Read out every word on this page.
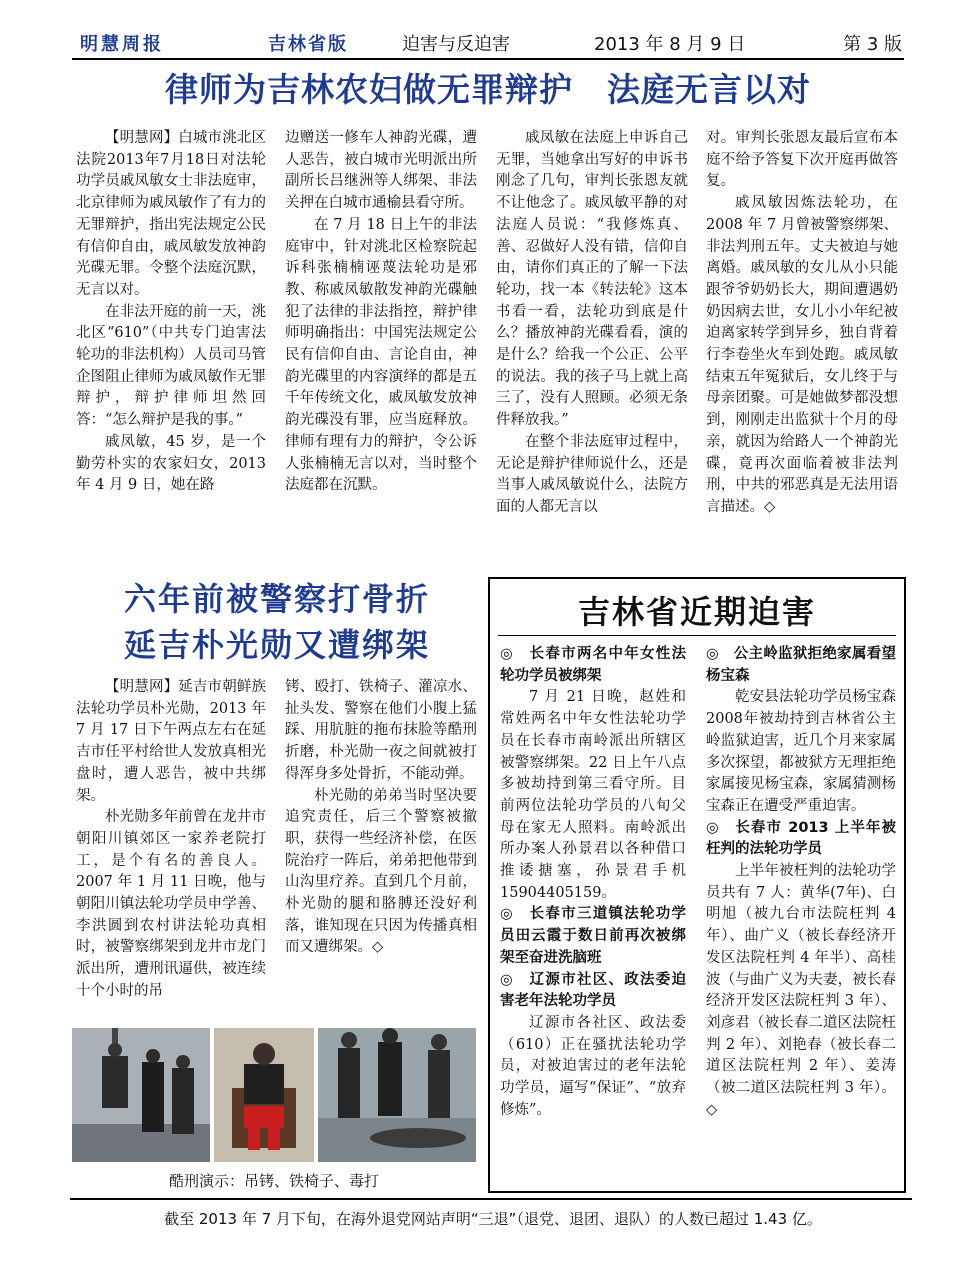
明慧周报	吉林省版	迫害与反迫害	2013 年 8 月 9 日	第 3 版
律师为吉林农妇做无罪辩护　法庭无言以对

【明慧网】白城市洮北区法院2013年7月18日对法轮功学员戚凤敏女士非法庭审，北京律师为戚凤敏作了有力的无罪辩护，指出宪法规定公民有信仰自由，戚凤敏发放神韵光碟无罪。令整个法庭沉默，无言以对。

在非法开庭的前一天，洮北区“610”（中共专门迫害法轮功的非法机构）人员司马管企图阻止律师为戚凤敏作无罪辩护，辩护律师坦然回答：“怎么辩护是我的事。”

戚凤敏，45 岁，是一个勤劳朴实的农家妇女，2013 年 4 月 9 日，她在路

边赠送一修车人神韵光碟，遭人恶告，被白城市光明派出所副所长吕继洲等人绑架、非法关押在白城市通榆县看守所。

在 7 月 18 日上午的非法庭审中，针对洮北区检察院起诉科张楠楠诬蔑法轮功是邪教、称戚凤敏散发神韵光碟触犯了法律的非法指控，辩护律师明确指出：中国宪法规定公民有信仰自由、言论自由，神韵光碟里的内容演绎的都是五千年传统文化，戚凤敏发放神韵光碟没有罪，应当庭释放。律师有理有力的辩护，令公诉人张楠楠无言以对，当时整个法庭都在沉默。

戚凤敏在法庭上申诉自己无罪，当她拿出写好的申诉书刚念了几句，审判长张恩友就不让他念了。戚凤敏平静的对法庭人员说：“我修炼真、善、忍做好人没有错，信仰自由，请你们真正的了解一下法轮功，找一本《转法轮》这本书看一看，法轮功到底是什么？播放神韵光碟看看，演的是什么？给我一个公正、公平的说法。我的孩子马上就上高三了，没有人照顾。必须无条件释放我。”

在整个非法庭审过程中，无论是辩护律师说什么，还是当事人戚凤敏说什么，法院方面的人都无言以

对。审判长张恩友最后宣布本庭不给予答复下次开庭再做答复。

戚凤敏因炼法轮功，在2008 年 7 月曾被警察绑架、非法判刑五年。丈夫被迫与她离婚。戚凤敏的女儿从小只能跟爷爷奶奶长大，期间遭遇奶奶因病去世，女儿小小年纪被迫离家转学到异乡，独自背着行李卷坐火车到处跑。戚凤敏结束五年冤狱后，女儿终于与母亲团聚。可是她做梦都没想到，刚刚走出监狱十个月的母亲，就因为给路人一个神韵光碟，竟再次面临着被非法判刑，中共的邪恶真是无法用语言描述。◇

六年前被警察打骨折
延吉朴光勋又遭绑架

【明慧网】延吉市朝鲜族法轮功学员朴光勋，2013 年 7 月 17 日下午两点左右在延吉市任平村给世人发放真相光盘时，遭人恶告，被中共绑架。

朴光勋多年前曾在龙井市朝阳川镇郊区一家养老院打工，是个有名的善良人。2007 年 1 月 11 日晚，他与朝阳川镇法轮功学员申学善、李洪圆到农村讲法轮功真相时，被警察绑架到龙井市龙门派出所，遭刑讯逼供，被连续十个小时的吊

铐、殴打、铁椅子、灌凉水、扯头发、警察在他们小腹上猛踩、用肮脏的拖布抹脸等酷刑折磨，朴光勋一夜之间就被打得浑身多处骨折，不能动弹。

朴光勋的弟弟当时坚决要追究责任，后三个警察被撤职，获得一些经济补偿，在医院治疗一阵后，弟弟把他带到山沟里疗养。直到几个月前，朴光勋的腿和胳膊还没好利落，谁知现在只因为传播真相而又遭绑架。◇

酷刑演示：吊铐、铁椅子、毒打
吉林省近期迫害

◎　长春市两名中年女性法轮功学员被绑架

7 月 21 日晚，赵姓和常姓两名中年女性法轮功学员在长春市南岭派出所辖区被警察绑架。22 日上午八点多被劫持到第三看守所。目前两位法轮功学员的八旬父母在家无人照料。南岭派出所办案人孙景君以各种借口推诿搪塞，孙景君手机15904405159。

◎　长春市三道镇法轮功学员田云霞于数日前再次被绑架至奋进洗脑班

◎　辽源市社区、政法委迫害老年法轮功学员

辽源市各社区、政法委（610）正在骚扰法轮功学员，对被迫害过的老年法轮功学员，逼写“保证”、“放弃修炼”。

◎　公主岭监狱拒绝家属看望杨宝森

乾安县法轮功学员杨宝森2008年被劫持到吉林省公主岭监狱迫害，近几个月来家属多次探望，都被狱方无理拒绝家属接见杨宝森，家属猜测杨宝森正在遭受严重迫害。

◎　长春市 2013 上半年被枉判的法轮功学员

上半年被枉判的法轮功学员共有 7 人：黄华(7年)、白明旭（被九台市法院枉判 4 年）、曲广义（被长春经济开发区法院枉判 4 年半）、高桂波（与曲广义为夫妻，被长春经济开发区法院枉判 3 年）、刘彦君（被长春二道区法院枉判 2 年）、刘艳春（被长春二道区法院枉判 2 年）、姜涛（被二道区法院枉判 3 年）。◇

截至 2013 年 7 月下旬，在海外退党网站声明“三退”（退党、退团、退队）的人数已超过 1.43 亿。
